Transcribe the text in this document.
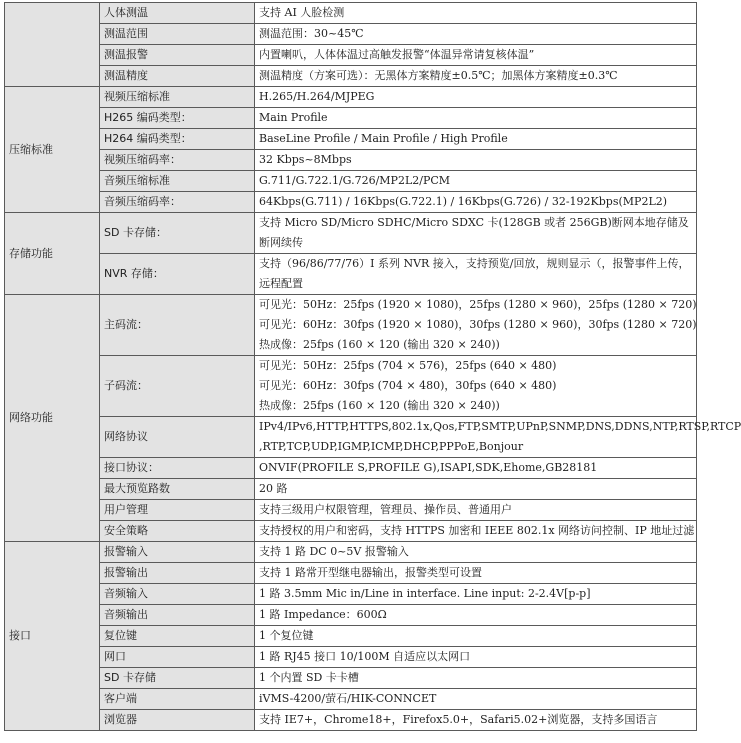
	人体测温	支持 AI 人脸检测

	测温范围	测温范围：30~45℃

	测温报警	内置喇叭，人体体温过高触发报警“体温异常请复核体温”

	测温精度	测温精度（方案可选）：无黑体方案精度±0.5℃；加黑体方案精度±0.3℃

压缩标准	视频压缩标准	H.265/H.264/MJPEG

	H265 编码类型：	Main Profile

	H264 编码类型：	BaseLine Profile / Main Profile / High Profile

	视频压缩码率：	32 Kbps~8Mbps

	音频压缩标准	G.711/G.722.1/G.726/MP2L2/PCM

	音频压缩码率：	64Kbps(G.711) / 16Kbps(G.722.1) / 16Kbps(G.726) / 32-192Kbps(MP2L2)

存储功能	SD 卡存储：	支持 Micro SD/Micro SDHC/Micro SDXC 卡(128GB 或者 256GB)断网本地存储及断网续传
	NVR 存储：	支持（96/86/77/76）I 系列 NVR 接入，支持预览/回放，规则显示（，报警事件上传，远程配置
网络功能	主码流：	可见光：50Hz：25fps (1920 × 1080)，25fps (1280 × 960)，25fps (1280 × 720)
可见光：60Hz：30fps (1920 × 1080)，30fps (1280 × 960)，30fps (1280 × 720)
热成像：25fps (160 × 120 (输出 320 × 240))

	子码流：	可见光：50Hz：25fps (704 × 576)，25fps (640 × 480)
可见光：60Hz：30fps (704 × 480)，30fps (640 × 480)
热成像：25fps (160 × 120 (输出 320 × 240))

	网络协议	IPv4/IPv6,HTTP,HTTPS,802.1x,Qos,FTP,SMTP,UPnP,SNMP,DNS,DDNS,NTP,RTSP,RTCP
,RTP,TCP,UDP,IGMP,ICMP,DHCP,PPPoE,Bonjour

	接口协议：	ONVIF(PROFILE S,PROFILE G),ISAPI,SDK,Ehome,GB28181

	最大预览路数	20 路

	用户管理	支持三级用户权限管理，管理员、操作员、普通用户

	安全策略	支持授权的用户和密码，支持 HTTPS 加密和 IEEE 802.1x 网络访问控制、IP 地址过滤

接口	报警输入	支持 1 路 DC 0~5V 报警输入

	报警输出	支持 1 路常开型继电器输出，报警类型可设置

	音频输入	1 路 3.5mm Mic in/Line in interface. Line input: 2-2.4V[p-p]

	音频输出	1 路 Impedance：600Ω

	复位键	1 个复位键

	网口	1 路 RJ45 接口 10/100M 自适应以太网口

	SD 卡存储	1 个内置 SD 卡卡槽

	客户端	iVMS-4200/萤石/HIK-CONNCET

	浏览器	支持 IE7+，Chrome18+，Firefox5.0+，Safari5.02+浏览器，支持多国语言
